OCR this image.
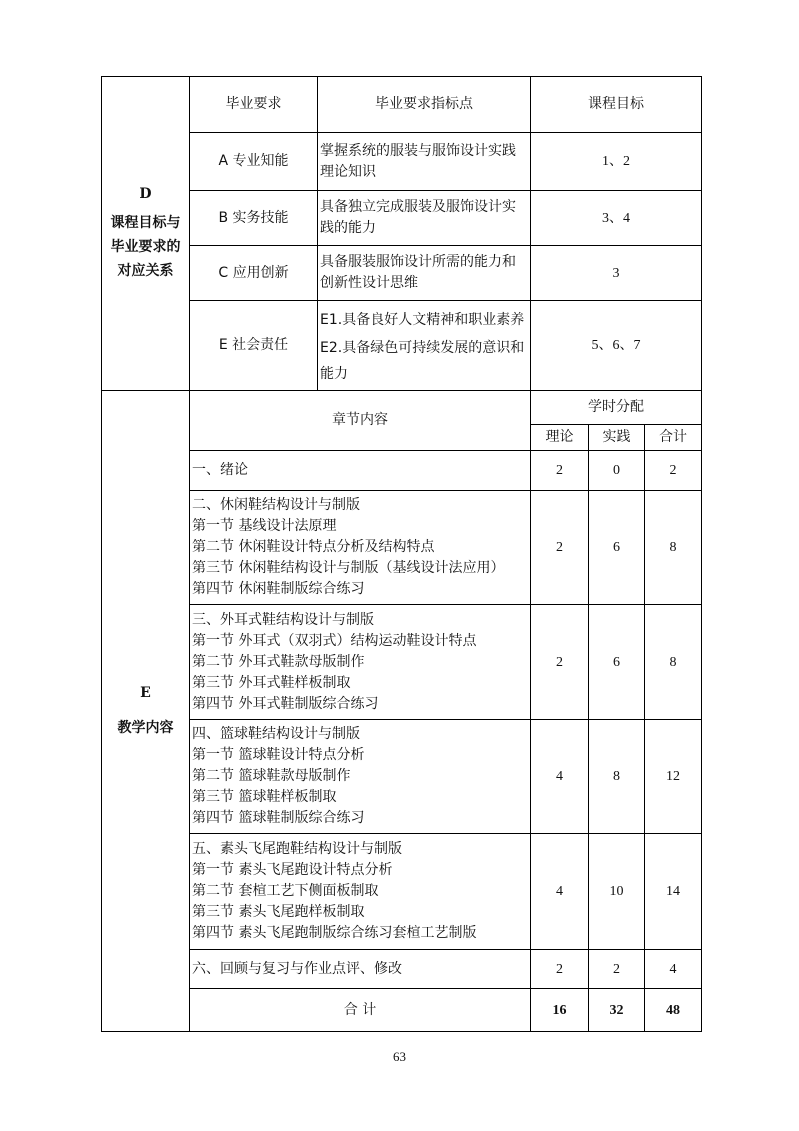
D
课程目标与
毕业要求的
对应关系	毕业要求	毕业要求指标点	课程目标		
	A 专业知能	掌握系统的服装与服饰设计实践
理论知识	1、2		
	B 实务技能	具备独立完成服装及服饰设计实
践的能力	3、4		
	C 应用创新	具备服装服饰设计所需的能力和
创新性设计思维	3		
	E 社会责任	E1.具备良好人文精神和职业素养
E2.具备绿色可持续发展的意识和
能力	5、6、7		

E
教学内容	章节内容		学时分配		
			理论	实践	合计

	一、绪论		2	0	2

	二、休闲鞋结构设计与制版
第一节 基线设计法原理
第二节 休闲鞋设计特点分析及结构特点
第三节 休闲鞋结构设计与制版（基线设计法应用）
第四节 休闲鞋制版综合练习		2	6	8

	三、外耳式鞋结构设计与制版
第一节 外耳式（双羽式）结构运动鞋设计特点
第二节 外耳式鞋款母版制作
第三节 外耳式鞋样板制取
第四节 外耳式鞋制版综合练习		2	6	8

	四、篮球鞋结构设计与制版
第一节 篮球鞋设计特点分析
第二节 篮球鞋款母版制作
第三节 篮球鞋样板制取
第四节 篮球鞋制版综合练习		4	8	12

	五、素头飞尾跑鞋结构设计与制版
第一节 素头飞尾跑设计特点分析
第二节 套楦工艺下侧面板制取
第三节 素头飞尾跑样板制取
第四节 素头飞尾跑制版综合练习套楦工艺制版		4	10	14

	六、回顾与复习与作业点评、修改		2	2	4
	合 计		16	32	48
63
